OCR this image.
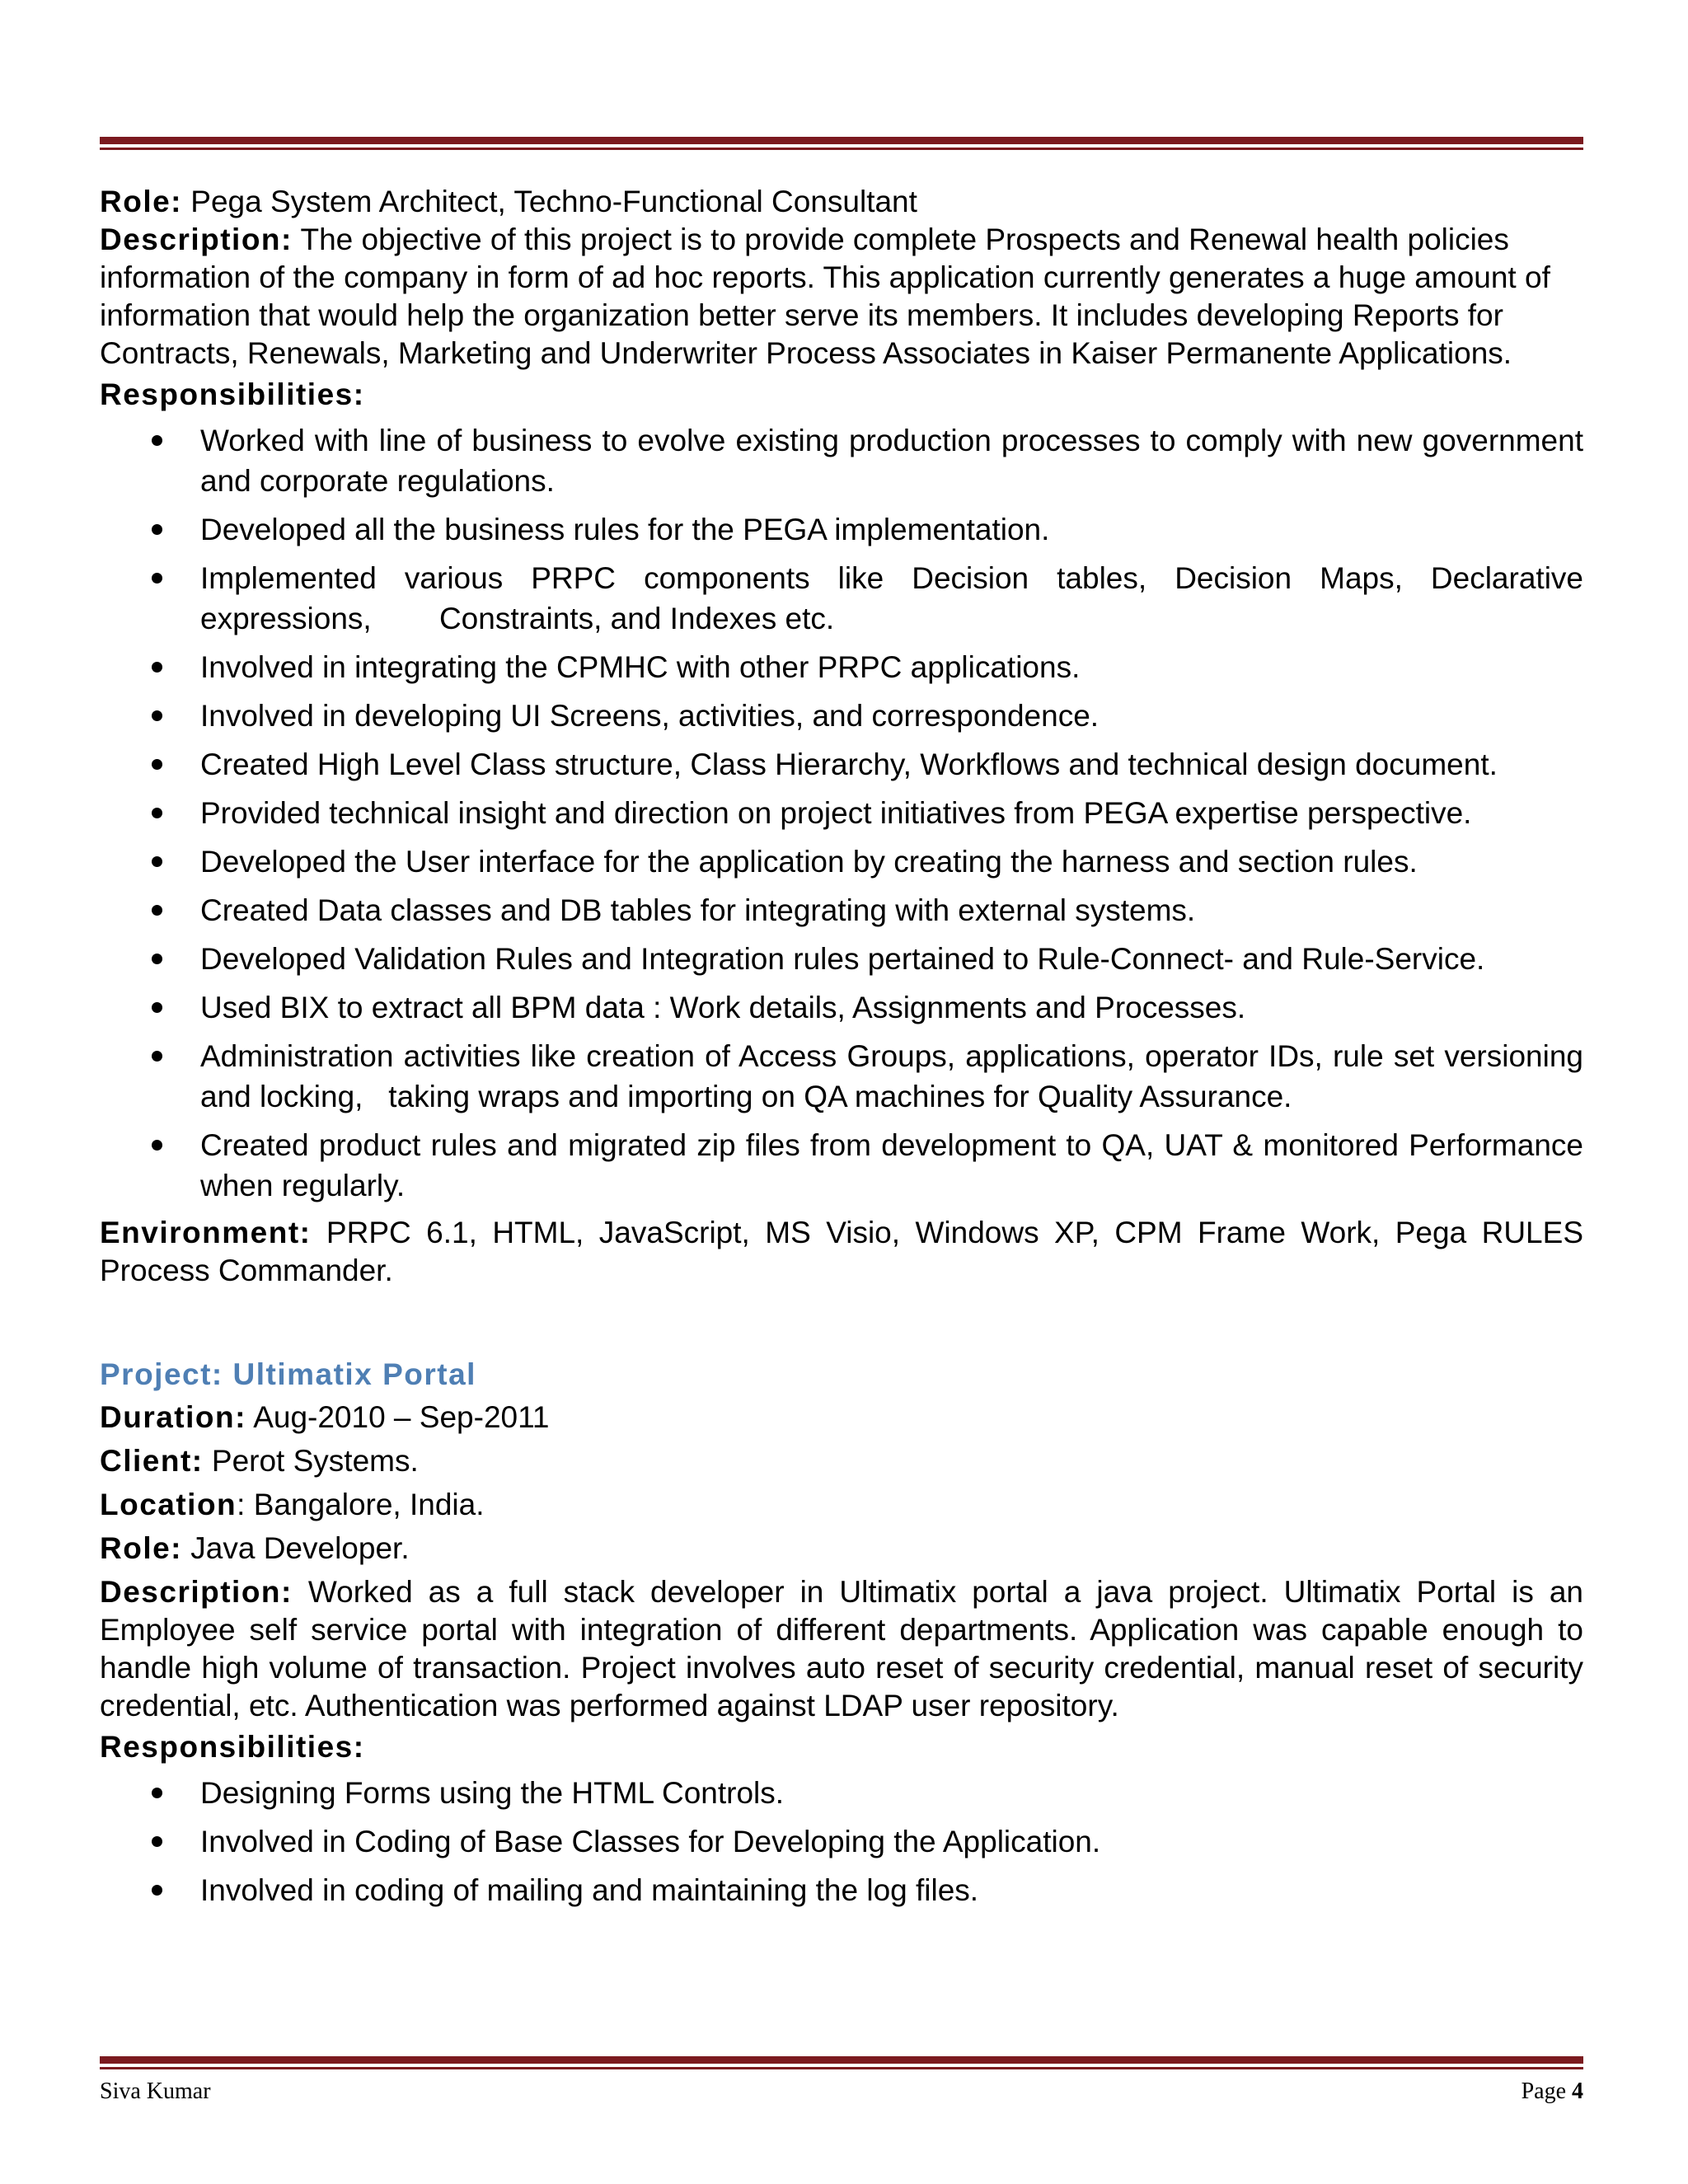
Role: Pega System Architect, Techno-Functional Consultant

Description: The objective of this project is to provide complete Prospects and Renewal health policies information of the company in form of ad hoc reports. This application currently generates a huge amount of information that would help the organization better serve its members. It includes developing Reports for Contracts, Renewals, Marketing and Underwriter Process Associates in Kaiser Permanente Applications.

Responsibilities:

Worked with line of business to evolve existing production processes to comply with new government and corporate regulations.
Developed all the business rules for the PEGA implementation.
Implemented various PRPC components like Decision tables, Decision Maps, Declarative expressions,        Constraints, and Indexes etc.
Involved in integrating the CPMHC with other PRPC applications.
Involved in developing UI Screens, activities, and correspondence.
Created High Level Class structure, Class Hierarchy, Workflows and technical design document.
Provided technical insight and direction on project initiatives from PEGA expertise perspective.
Developed the User interface for the application by creating the harness and section rules.
Created Data classes and DB tables for integrating with external systems.
Developed Validation Rules and Integration rules pertained to Rule-Connect- and Rule-Service.
Used BIX to extract all BPM data : Work details, Assignments and Processes.
Administration activities like creation of Access Groups, applications, operator IDs, rule set versioning and locking,   taking wraps and importing on QA machines for Quality Assurance.
Created product rules and migrated zip files from development to QA, UAT & monitored Performance when regularly.

Environment: PRPC 6.1, HTML, JavaScript, MS Visio, Windows XP, CPM Frame Work, Pega RULES Process Commander.

Project: Ultimatix Portal

Duration: Aug-2010 – Sep-2011

Client: Perot Systems.

Location: Bangalore, India.

Role: Java Developer.

Description: Worked as a full stack developer in Ultimatix portal a java project. Ultimatix Portal is an Employee self service portal with integration of different departments. Application was capable enough to handle high volume of transaction. Project involves auto reset of security credential, manual reset of security credential, etc. Authentication was performed against LDAP user repository.

Responsibilities:

Designing Forms using the HTML Controls.
Involved in Coding of Base Classes for Developing the Application.
Involved in coding of mailing and maintaining the log files.
Siva Kumar	Page 4
